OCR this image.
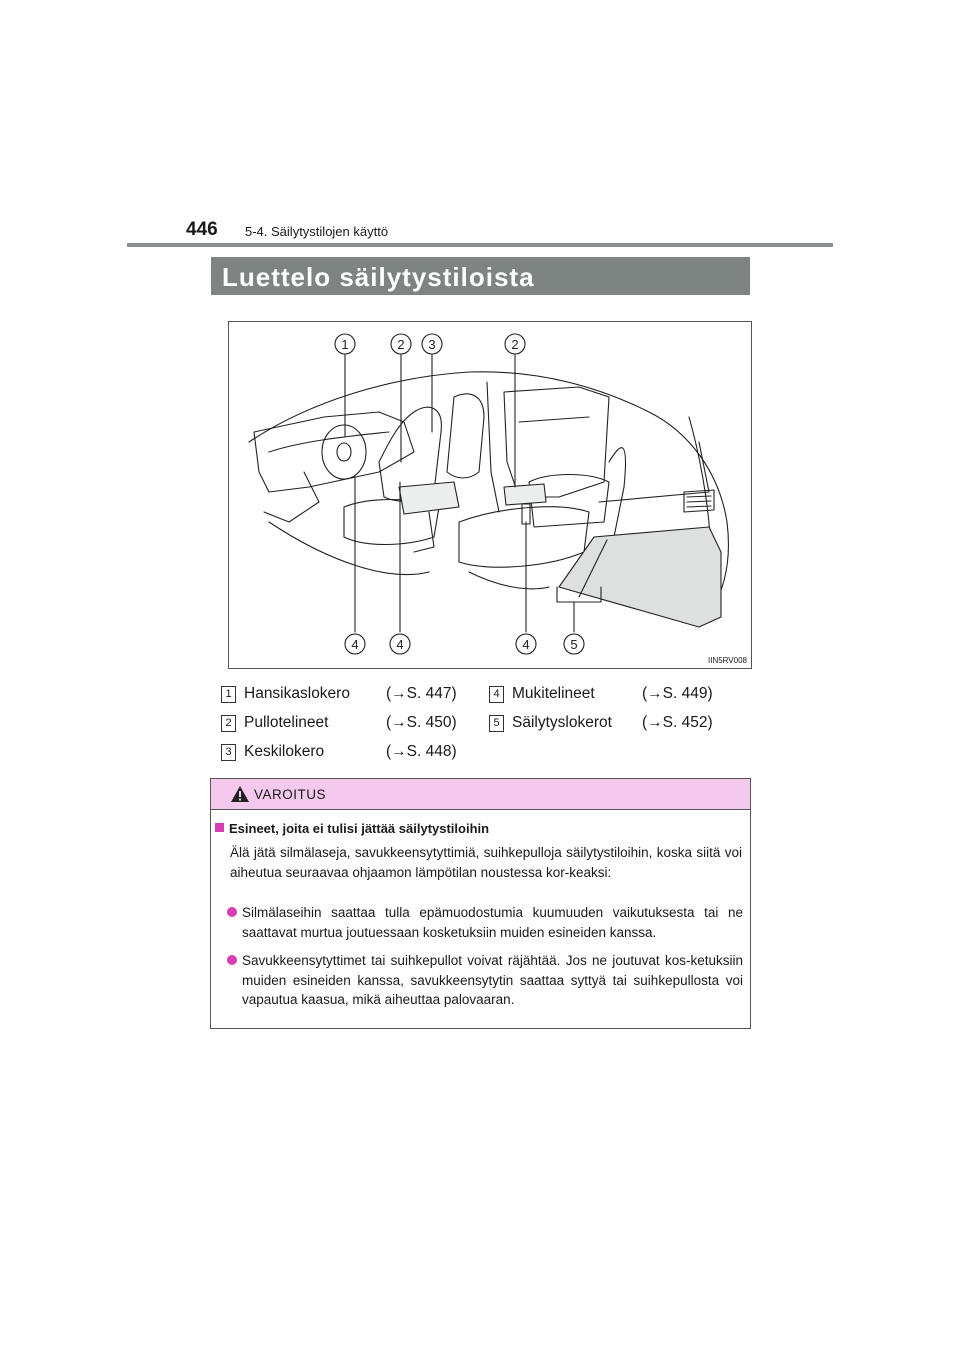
446 5-4. Säilytystilojen käyttö
Luettelo säilytystiloista
1	2 3	2
4	4	4	5
IIN5RV008
1 Hansikaslokero	(→S. 447)
2 Pullotelineet	(→S. 450)
3 Keskilokero	(→S. 448)
4 Mukitelineet	(→S. 449)
5 Säilytyslokerot	(→S. 452)
VAROITUS
Esineet, joita ei tulisi jättää säilytystiloihin
Älä jätä silmälaseja, savukkeensytyttimiä, suihkepulloja säilytystiloihin, koska siitä voi aiheutua seuraavaa ohjaamon lämpötilan noustessa kor-keaksi:
Silmälaseihin saattaa tulla epämuodostumia kuumuuden vaikutuksesta tai ne saattavat murtua joutuessaan kosketuksiin muiden esineiden kanssa.
Savukkeensytyttimet tai suihkepullot voivat räjähtää. Jos ne joutuvat kos-ketuksiin muiden esineiden kanssa, savukkeensytytin saattaa syttyä tai suihkepullosta voi vapautua kaasua, mikä aiheuttaa palovaaran.
